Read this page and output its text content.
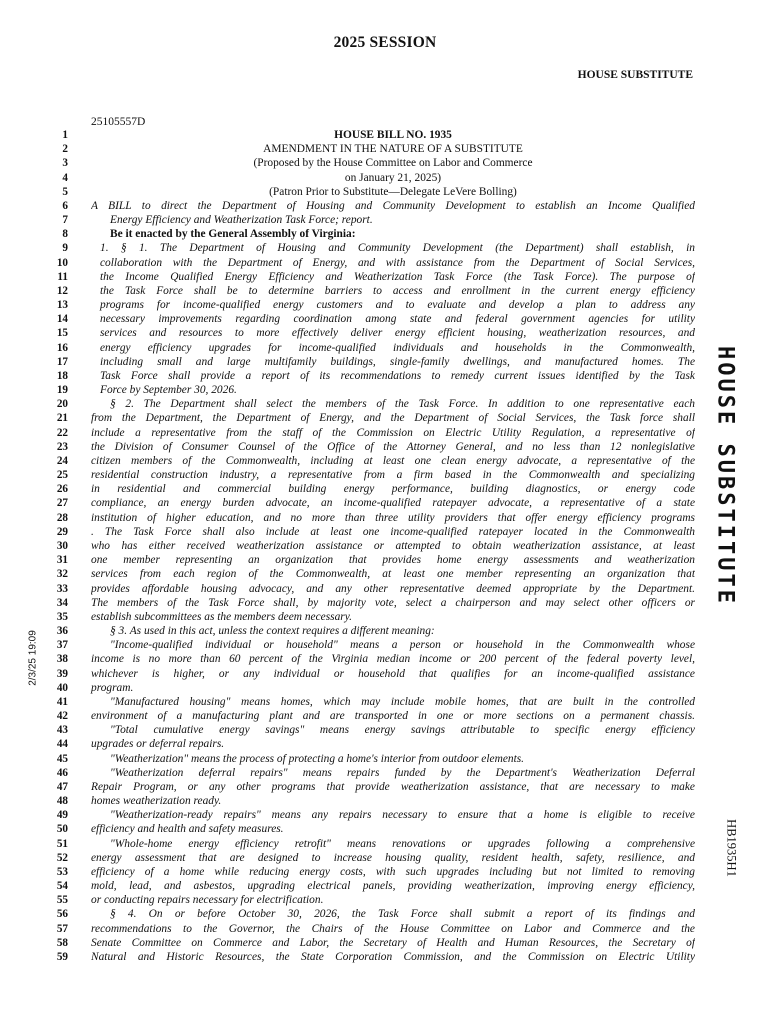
2025 SESSION
HOUSE SUBSTITUTE
25105557D
1
2
3
4
5
6
7
8
9
10
11
12
13
14
15
16
17
18
19
20
21
22
23
24
25
26
27
28
29
30
31
32
33
34
35
36
37
38
39
40
41
42
43
44
45
46
47
48
49
50
51
52
53
54
55
56
57
58
59
HOUSE BILL NO. 1935
AMENDMENT IN THE NATURE OF A SUBSTITUTE
(Proposed by the House Committee on Labor and Commerce
on January 21, 2025)
(Patron Prior to Substitute—Delegate LeVere Bolling)
A BILL to direct the Department of Housing and Community Development to establish an Income Qualified
Energy Efficiency and Weatherization Task Force; report.
Be it enacted by the General Assembly of Virginia:
1. § 1. The Department of Housing and Community Development (the Department) shall establish, in
collaboration with the Department of Energy, and with assistance from the Department of Social Services,
the Income Qualified Energy Efficiency and Weatherization Task Force (the Task Force). The purpose of
the Task Force shall be to determine barriers to access and enrollment in the current energy efficiency
programs for income-qualified energy customers and to evaluate and develop a plan to address any
necessary improvements regarding coordination among state and federal government agencies for utility
services and resources to more effectively deliver energy efficient housing, weatherization resources, and
energy efficiency upgrades for income-qualified individuals and households in the Commonwealth,
including small and large multifamily buildings, single-family dwellings, and manufactured homes. The
Task Force shall provide a report of its recommendations to remedy current issues identified by the Task
Force by September 30, 2026.
§ 2. The Department shall select the members of the Task Force. In addition to one representative each
from the Department, the Department of Energy, and the Department of Social Services, the Task force shall
include a representative from the staff of the Commission on Electric Utility Regulation, a representative of
the Division of Consumer Counsel of the Office of the Attorney General, and no less than 12 nonlegislative
citizen members of the Commonwealth, including at least one clean energy advocate, a representative of the
residential construction industry, a representative from a firm based in the Commonwealth and specializing
in residential and commercial building energy performance, building diagnostics, or energy code
compliance, an energy burden advocate, an income-qualified ratepayer advocate, a representative of a state
institution of higher education, and no more than three utility providers that offer energy efficiency programs
. The Task Force shall also include at least one income-qualified ratepayer located in the Commonwealth
who has either received weatherization assistance or attempted to obtain weatherization assistance, at least
one member representing an organization that provides home energy assessments and weatherization
services from each region of the Commonwealth, at least one member representing an organization that
provides affordable housing advocacy, and any other representative deemed appropriate by the Department.
The members of the Task Force shall, by majority vote, select a chairperson and may select other officers or
establish subcommittees as the members deem necessary.
§ 3. As used in this act, unless the context requires a different meaning:
"Income-qualified individual or household" means a person or household in the Commonwealth whose
income is no more than 60 percent of the Virginia median income or 200 percent of the federal poverty level,
whichever is higher, or any individual or household that qualifies for an income-qualified assistance
program.
"Manufactured housing" means homes, which may include mobile homes, that are built in the controlled
environment of a manufacturing plant and are transported in one or more sections on a permanent chassis.
"Total cumulative energy savings" means energy savings attributable to specific energy efficiency
upgrades or deferral repairs.
"Weatherization" means the process of protecting a home's interior from outdoor elements.
"Weatherization deferral repairs" means repairs funded by the Department's Weatherization Deferral
Repair Program, or any other programs that provide weatherization assistance, that are necessary to make
homes weatherization ready.
"Weatherization-ready repairs" means any repairs necessary to ensure that a home is eligible to receive
efficiency and health and safety measures.
"Whole-home energy efficiency retrofit" means renovations or upgrades following a comprehensive
energy assessment that are designed to increase housing quality, resident health, safety, resilience, and
efficiency of a home while reducing energy costs, with such upgrades including but not limited to removing
mold, lead, and asbestos, upgrading electrical panels, providing weatherization, improving energy efficiency,
or conducting repairs necessary for electrification.
§ 4. On or before October 30, 2026, the Task Force shall submit a report of its findings and
recommendations to the Governor, the Chairs of the House Committee on Labor and Commerce and the
Senate Committee on Commerce and Labor, the Secretary of Health and Human Resources, the Secretary of
Natural and Historic Resources, the State Corporation Commission, and the Commission on Electric Utility
HOUSE SUBSTITUTE
HB1935H1
2/3/25 19:09
